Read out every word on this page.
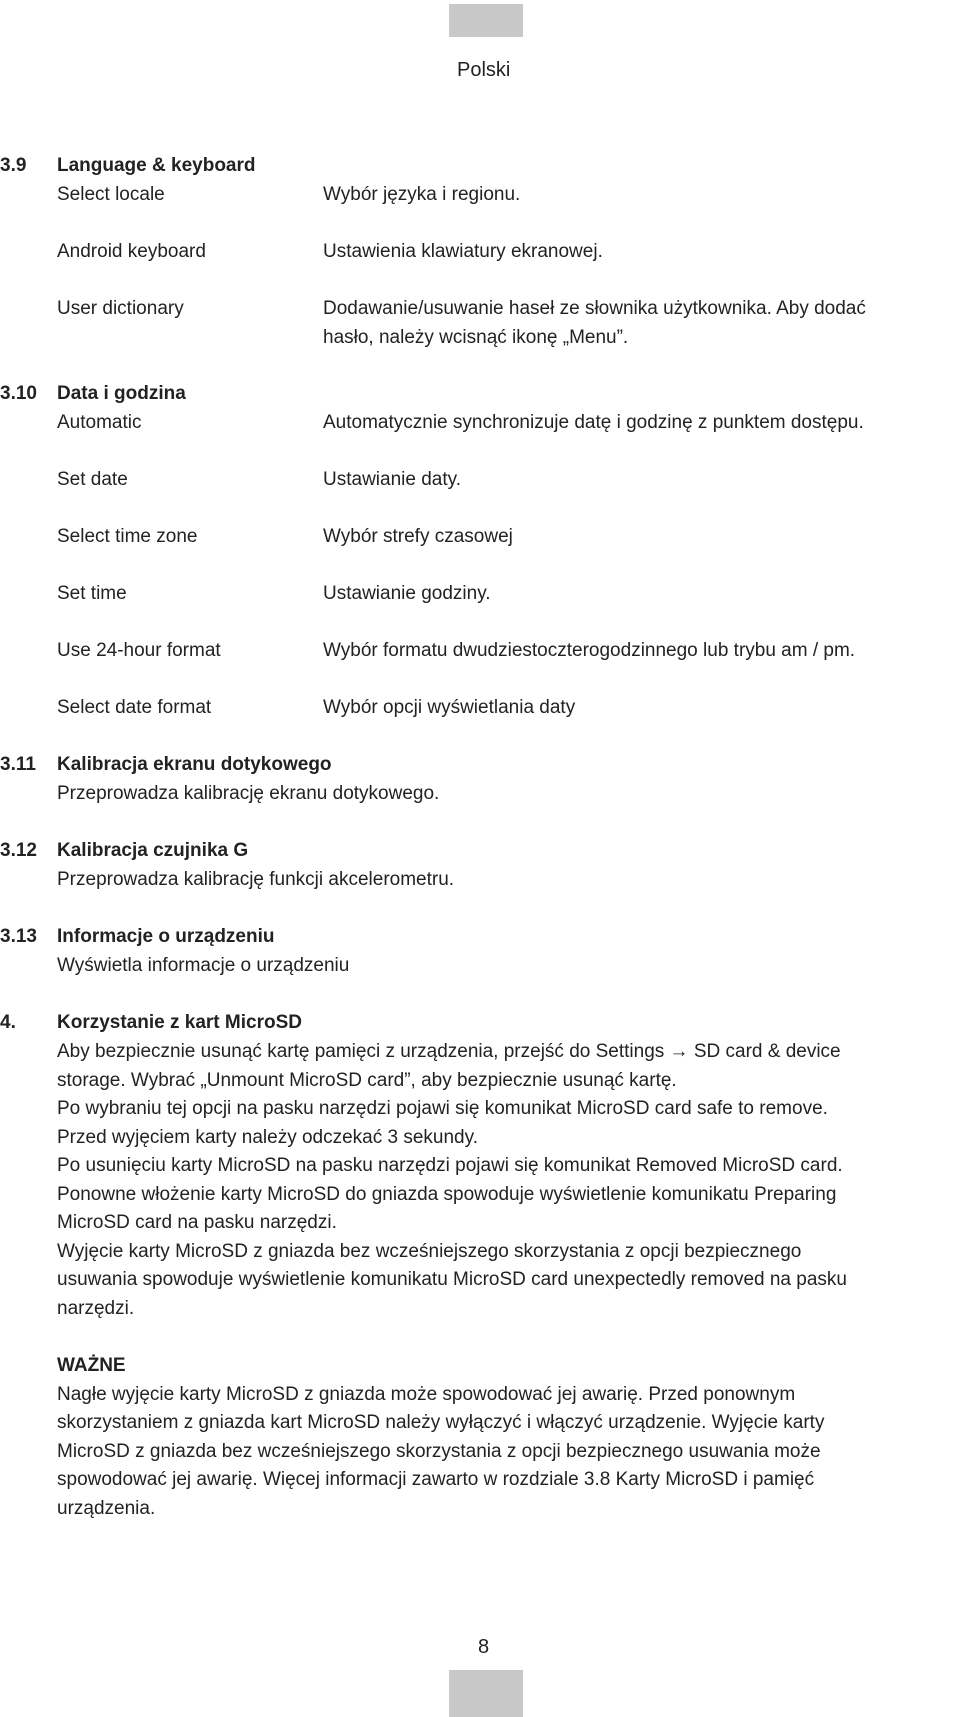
Polski
3.9 Language & keyboard
Select locale	Wybór języka i regionu.
Android keyboard	Ustawienia klawiatury ekranowej.
User dictionary	Dodawanie/usuwanie haseł ze słownika użytkownika. Aby dodać
hasło, należy wcisnąć ikonę „Menu”.
3.10 Data i godzina
Automatic	Automatycznie synchronizuje datę i godzinę z punktem dostępu.
Set date	Ustawianie daty.
Select time zone	Wybór strefy czasowej
Set time	Ustawianie godziny.
Use 24-hour format	Wybór formatu dwudziestoczterogodzinnego lub trybu am / pm.
Select date format	Wybór opcji wyświetlania daty
3.11 Kalibracja ekranu dotykowego
Przeprowadza kalibrację ekranu dotykowego.
3.12 Kalibracja czujnika G
Przeprowadza kalibrację funkcji akcelerometru.
3.13 Informacje o urządzeniu
Wyświetla informacje o urządzeniu
4. Korzystanie z kart MicroSD
Aby bezpiecznie usunąć kartę pamięci z urządzenia, przejść do Settings → SD card & device
storage. Wybrać „Unmount MicroSD card”, aby bezpiecznie usunąć kartę.
Po wybraniu tej opcji na pasku narzędzi pojawi się komunikat MicroSD card safe to remove.
Przed wyjęciem karty należy odczekać 3 sekundy.
Po usunięciu karty MicroSD na pasku narzędzi pojawi się komunikat Removed MicroSD card.
Ponowne włożenie karty MicroSD do gniazda spowoduje wyświetlenie komunikatu Preparing
MicroSD card na pasku narzędzi.
Wyjęcie karty MicroSD z gniazda bez wcześniejszego skorzystania z opcji bezpiecznego
usuwania spowoduje wyświetlenie komunikatu MicroSD card unexpectedly removed na pasku
narzędzi.
WAŻNE
Nagłe wyjęcie karty MicroSD z gniazda może spowodować jej awarię. Przed ponownym
skorzystaniem z gniazda kart MicroSD należy wyłączyć i włączyć urządzenie. Wyjęcie karty
MicroSD z gniazda bez wcześniejszego skorzystania z opcji bezpiecznego usuwania może
spowodować jej awarię. Więcej informacji zawarto w rozdziale 3.8 Karty MicroSD i pamięć
urządzenia.
8
